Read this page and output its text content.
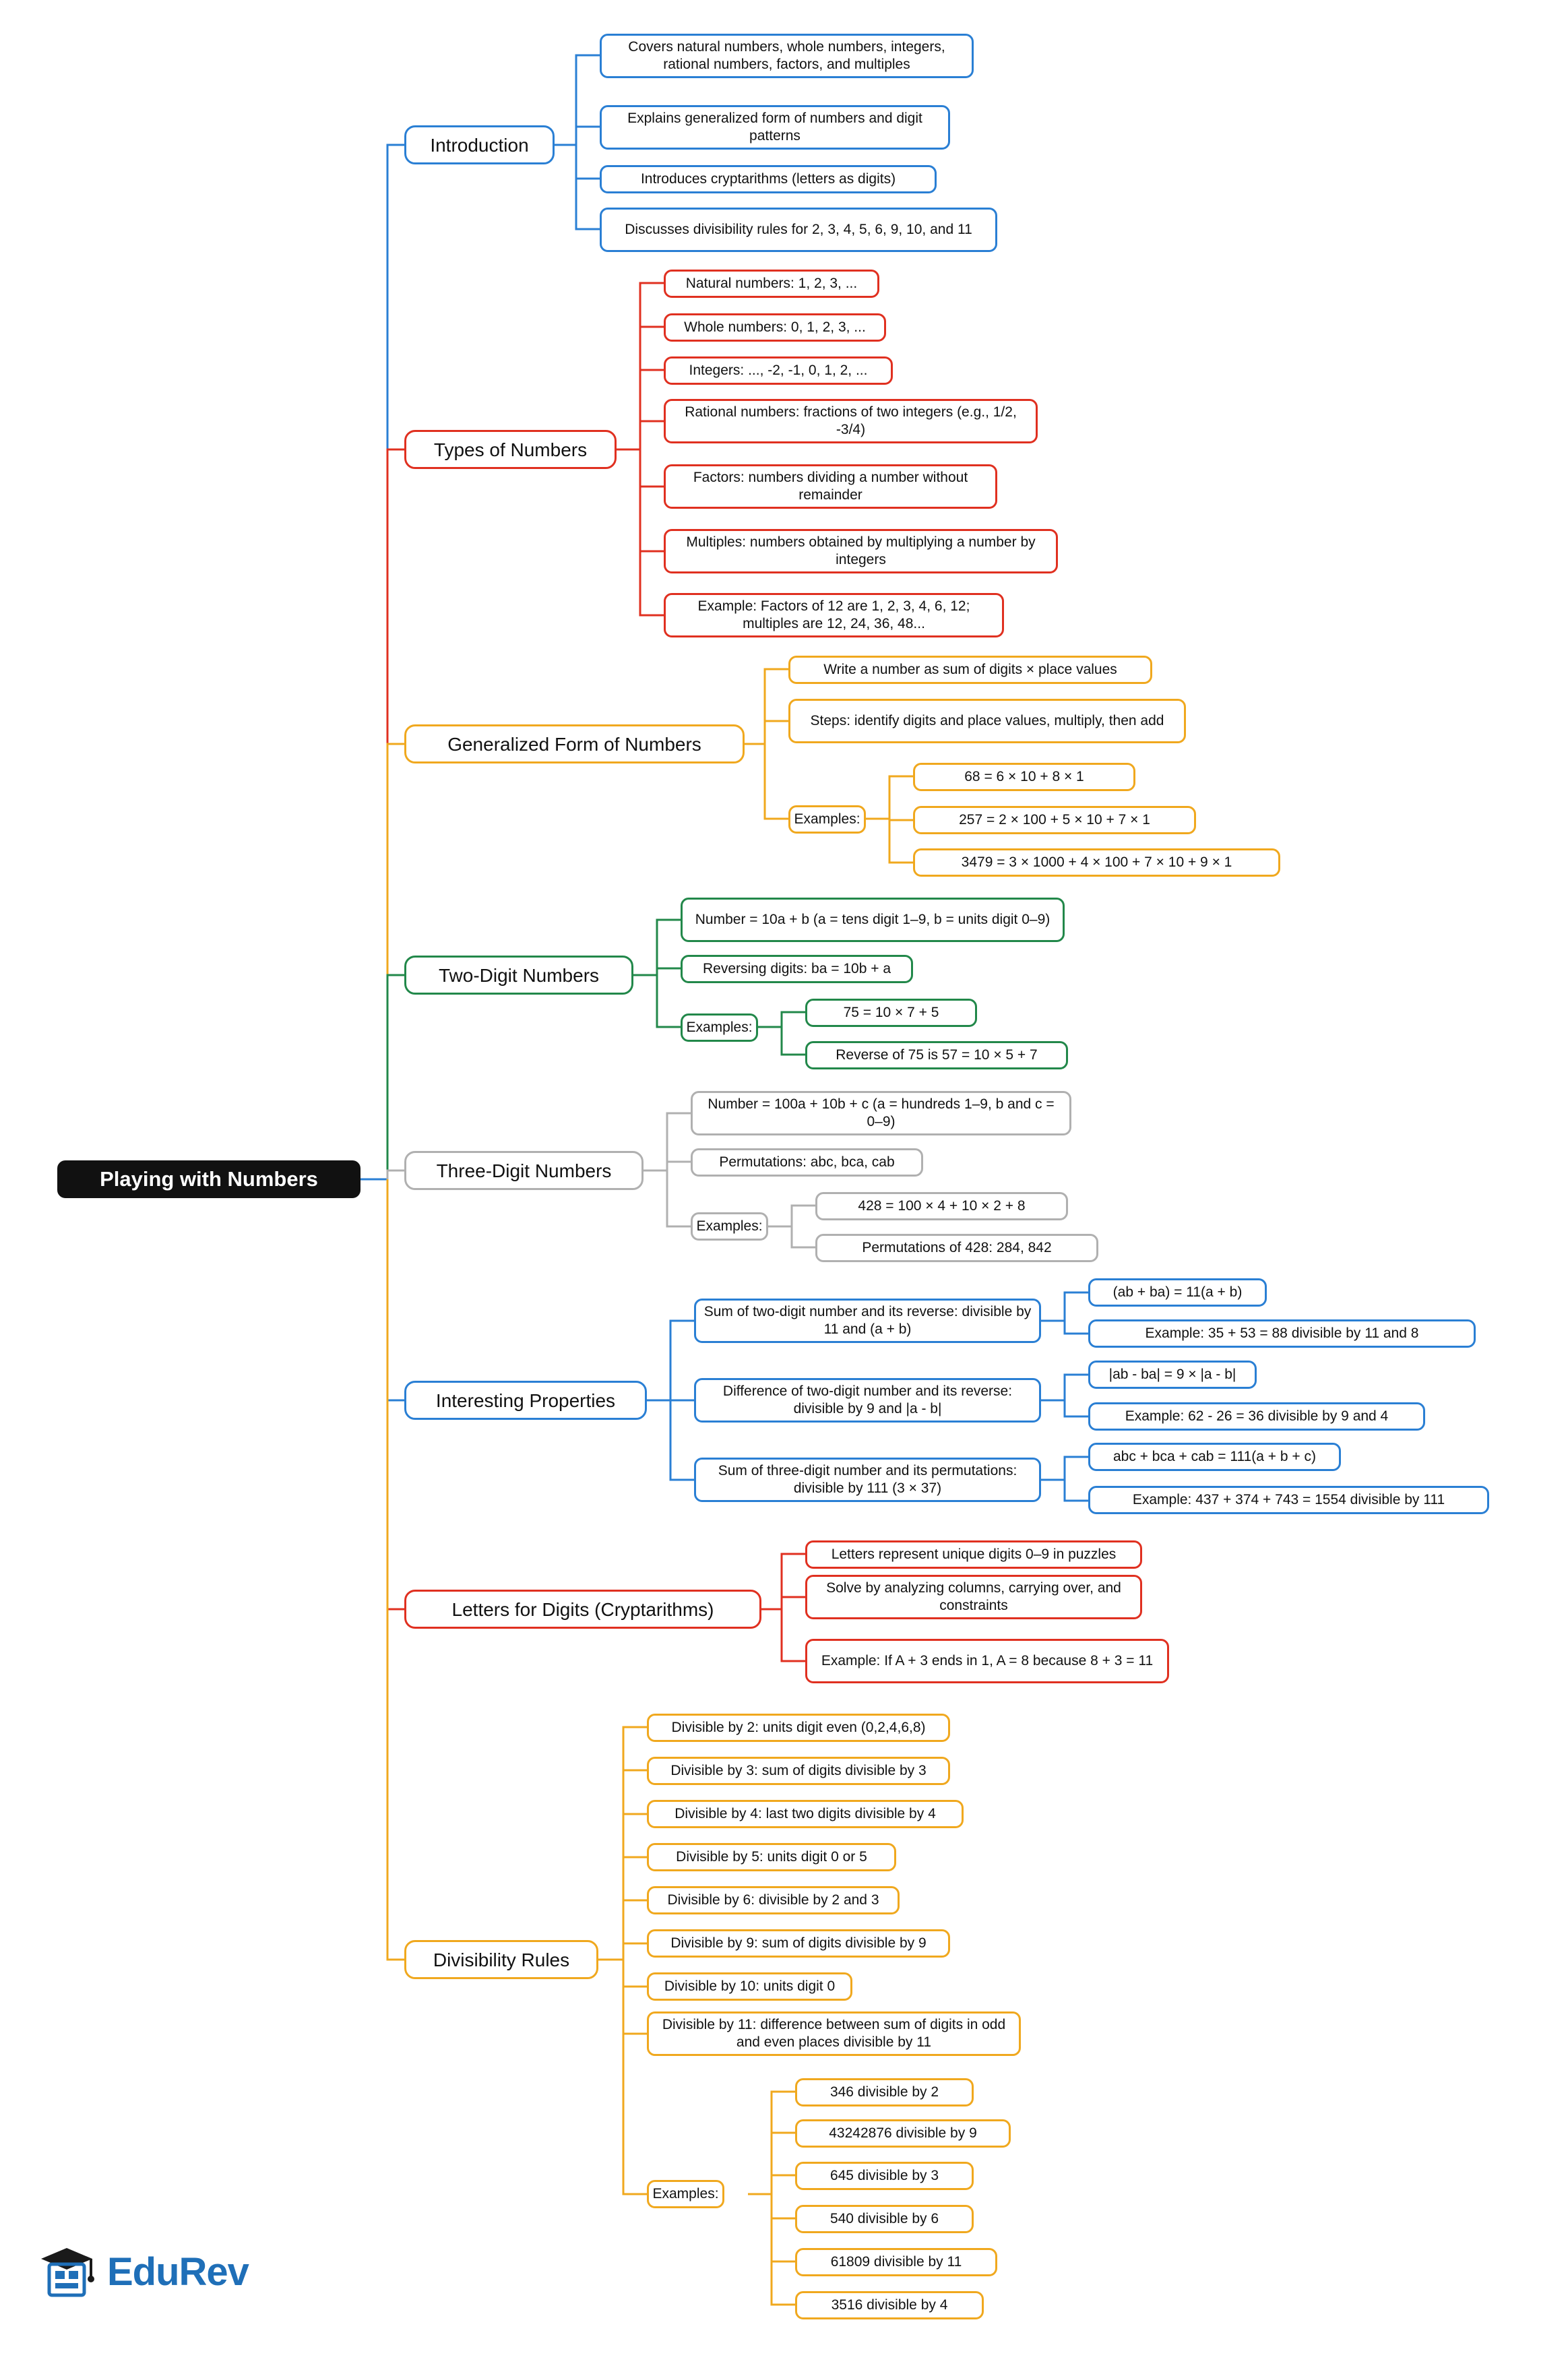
Playing with Numbers
Introduction
Covers natural numbers, whole numbers, integers, rational numbers, factors, and multiples
Explains generalized form of numbers and digit patterns
Introduces cryptarithms (letters as digits)
Discusses divisibility rules for 2, 3, 4, 5, 6, 9, 10, and 11
Types of Numbers
Natural numbers: 1, 2, 3, ...
Whole numbers: 0, 1, 2, 3, ...
Integers: ..., -2, -1, 0, 1, 2, ...
Rational numbers: fractions of two integers (e.g., 1/2, -3/4)
Factors: numbers dividing a number without remainder
Multiples: numbers obtained by multiplying a number by integers
Example: Factors of 12 are 1, 2, 3, 4, 6, 12; multiples are 12, 24, 36, 48...
Generalized Form of Numbers
Write a number as sum of digits × place values
Steps: identify digits and place values, multiply, then add
Examples:
68 = 6 × 10 + 8 × 1
257 = 2 × 100 + 5 × 10 + 7 × 1
3479 = 3 × 1000 + 4 × 100 + 7 × 10 + 9 × 1
Two-Digit Numbers
Number = 10a + b (a = tens digit 1–9, b = units digit 0–9)
Reversing digits: ba = 10b + a
Examples:
75 = 10 × 7 + 5
Reverse of 75 is 57 = 10 × 5 + 7
Three-Digit Numbers
Number = 100a + 10b + c (a = hundreds 1–9, b and c = 0–9)
Permutations: abc, bca, cab
Examples:
428 = 100 × 4 + 10 × 2 + 8
Permutations of 428: 284, 842
Interesting Properties
Sum of two-digit number and its reverse: divisible by 11 and (a + b)
(ab + ba) = 11(a + b)
Example: 35 + 53 = 88 divisible by 11 and 8
Difference of two-digit number and its reverse: divisible by 9 and |a - b|
|ab - ba| = 9 × |a - b|
Example: 62 - 26 = 36 divisible by 9 and 4
Sum of three-digit number and its permutations: divisible by 111 (3 × 37)
abc + bca + cab = 111(a + b + c)
Example: 437 + 374 + 743 = 1554 divisible by 111
Letters for Digits (Cryptarithms)
Letters represent unique digits 0–9 in puzzles
Solve by analyzing columns, carrying over, and constraints
Example: If A + 3 ends in 1, A = 8 because 8 + 3 = 11
Divisibility Rules
Divisible by 2: units digit even (0,2,4,6,8)
Divisible by 3: sum of digits divisible by 3
Divisible by 4: last two digits divisible by 4
Divisible by 5: units digit 0 or 5
Divisible by 6: divisible by 2 and 3
Divisible by 9: sum of digits divisible by 9
Divisible by 10: units digit 0
Divisible by 11: difference between sum of digits in odd and even places divisible by 11
Examples:
346 divisible by 2
43242876 divisible by 9
645 divisible by 3
540 divisible by 6
61809 divisible by 11
3516 divisible by 4
EduRev
